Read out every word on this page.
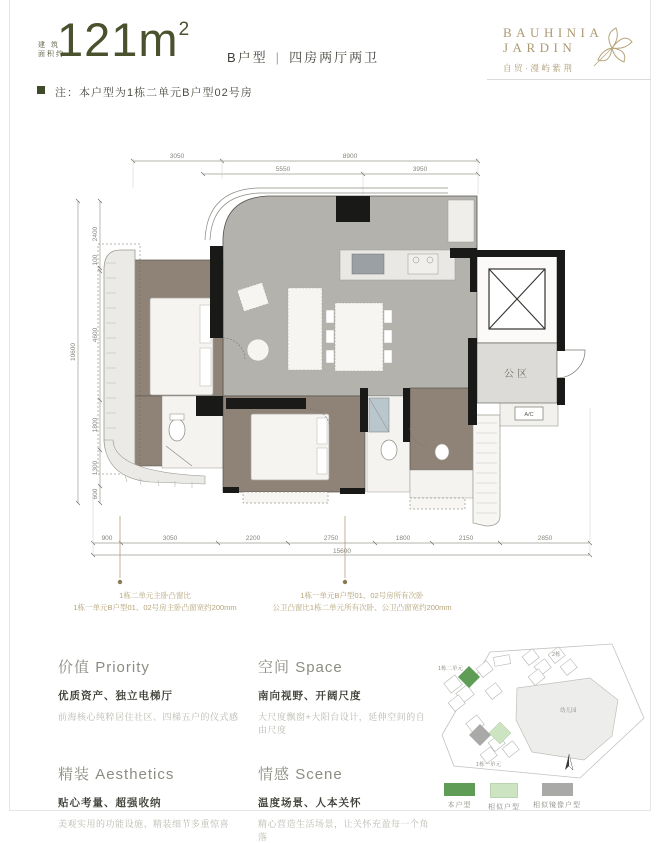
建 筑
面积约
$121m^2$
B户型 | 四房两厅两卫
BAUHINIA
JARDIN
自贸·漫屿紫荆
注：本户型为1栋二单元B户型02号房
3050	8900
5550	3950
10600
2400
100
4600
1800
1300
600
900	3050	2200	2750	1800	2150	2850
15600
A/C
公区
1栋二单元主卧凸窗比
1栋一单元B户型01、02号房主卧凸窗宽约200mm
1栋一单元B户型01、02号房所有次卧
公卫凸窗比1栋二单元所有次卧、公卫凸窗宽约200mm
价值 Priority
优质资产、独立电梯厅
前海核心纯粹居住社区、四梯五户的仪式感
空间 Space
南向视野、开阔尺度
大尺度飘窗+大阳台设计，延伸空间的自由尺度
精装 Aesthetics
贴心考量、超强收纳
美观实用的功能设施、精装细节多重惊喜
情感 Scene
温度场景、人本关怀
精心营造生活场景，让关怀充盈每一个角落
1栋二单元
2栋
幼儿园
1栋一单元
本户型	相似户型 相似镜像户型
